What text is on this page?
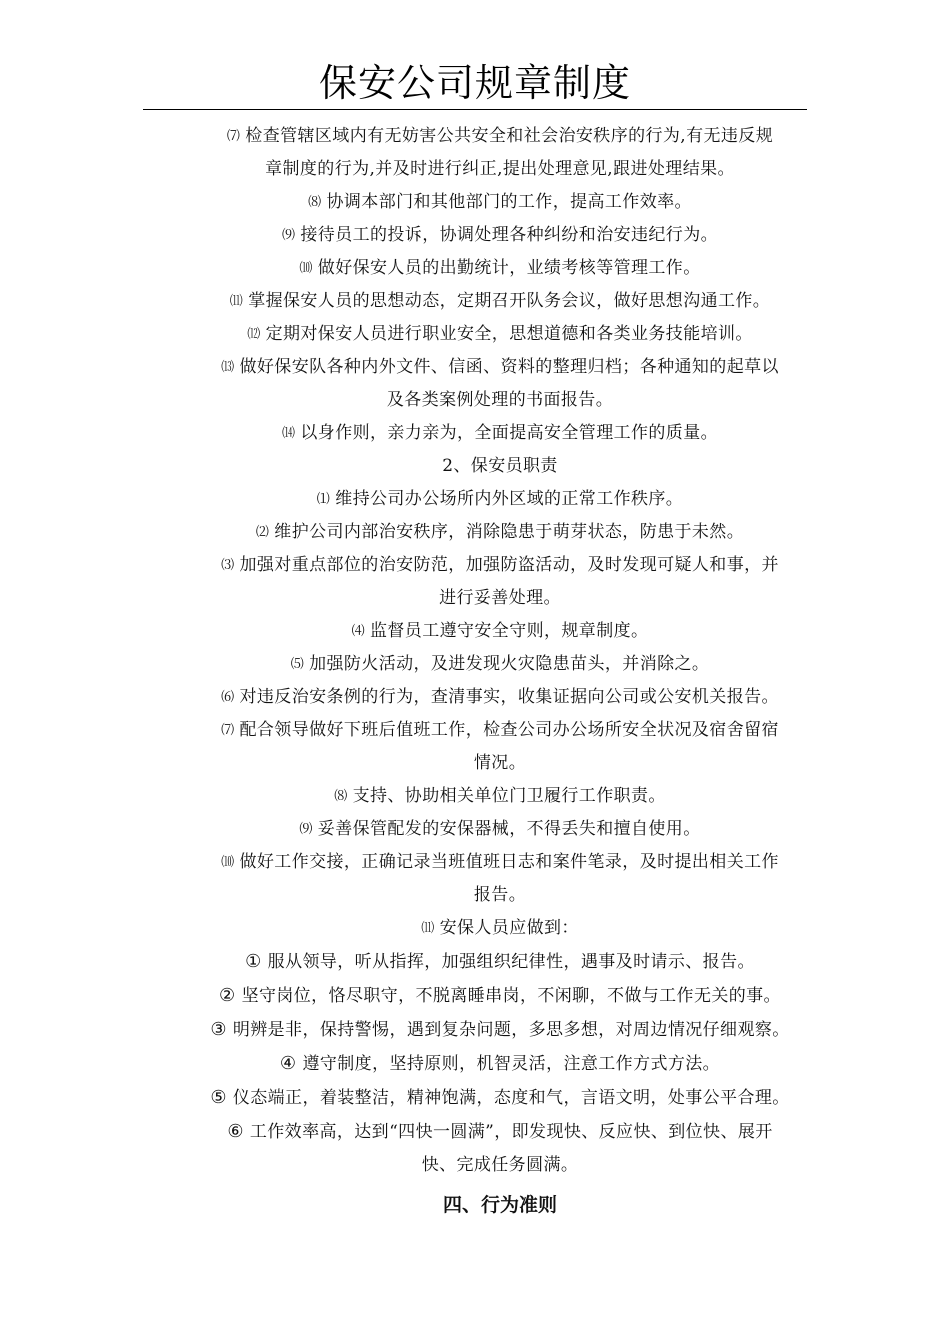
保安公司规章制度

⑺ 检查管辖区域内有无妨害公共安全和社会治安秩序的行为,有无违反规
章制度的行为,并及时进行纠正,提出处理意见,跟进处理结果。

⑻ 协调本部门和其他部门的工作，提高工作效率。

⑼ 接待员工的投诉，协调处理各种纠纷和治安违纪行为。

⑽ 做好保安人员的出勤统计，业绩考核等管理工作。

⑾ 掌握保安人员的思想动态，定期召开队务会议，做好思想沟通工作。

⑿ 定期对保安人员进行职业安全，思想道德和各类业务技能培训。

⒀ 做好保安队各种内外文件、信函、资料的整理归档；各种通知的起草以
及各类案例处理的书面报告。

⒁ 以身作则，亲力亲为，全面提高安全管理工作的质量。

2、保安员职责

⑴ 维持公司办公场所内外区域的正常工作秩序。

⑵ 维护公司内部治安秩序，消除隐患于萌芽状态，防患于未然。

⑶ 加强对重点部位的治安防范，加强防盗活动，及时发现可疑人和事，并
进行妥善处理。

⑷ 监督员工遵守安全守则，规章制度。

⑸ 加强防火活动，及进发现火灾隐患苗头，并消除之。

⑹ 对违反治安条例的行为，查清事实，收集证据向公司或公安机关报告。

⑺ 配合领导做好下班后值班工作，检查公司办公场所安全状况及宿舍留宿
情况。

⑻ 支持、协助相关单位门卫履行工作职责。

⑼ 妥善保管配发的安保器械，不得丢失和擅自使用。

⑽ 做好工作交接，正确记录当班值班日志和案件笔录，及时提出相关工作
报告。

⑾ 安保人员应做到：

① 服从领导，听从指挥，加强组织纪律性，遇事及时请示、报告。

② 坚守岗位，恪尽职守，不脱离睡串岗，不闲聊，不做与工作无关的事。

③ 明辨是非，保持警惕，遇到复杂问题，多思多想，对周边情况仔细观察。

④ 遵守制度，坚持原则，机智灵活，注意工作方式方法。

⑤ 仪态端正，着装整洁，精神饱满，态度和气，言语文明，处事公平合理。

⑥ 工作效率高，达到“四快一圆满”，即发现快、反应快、到位快、展开
快、完成任务圆满。

四、行为准则
